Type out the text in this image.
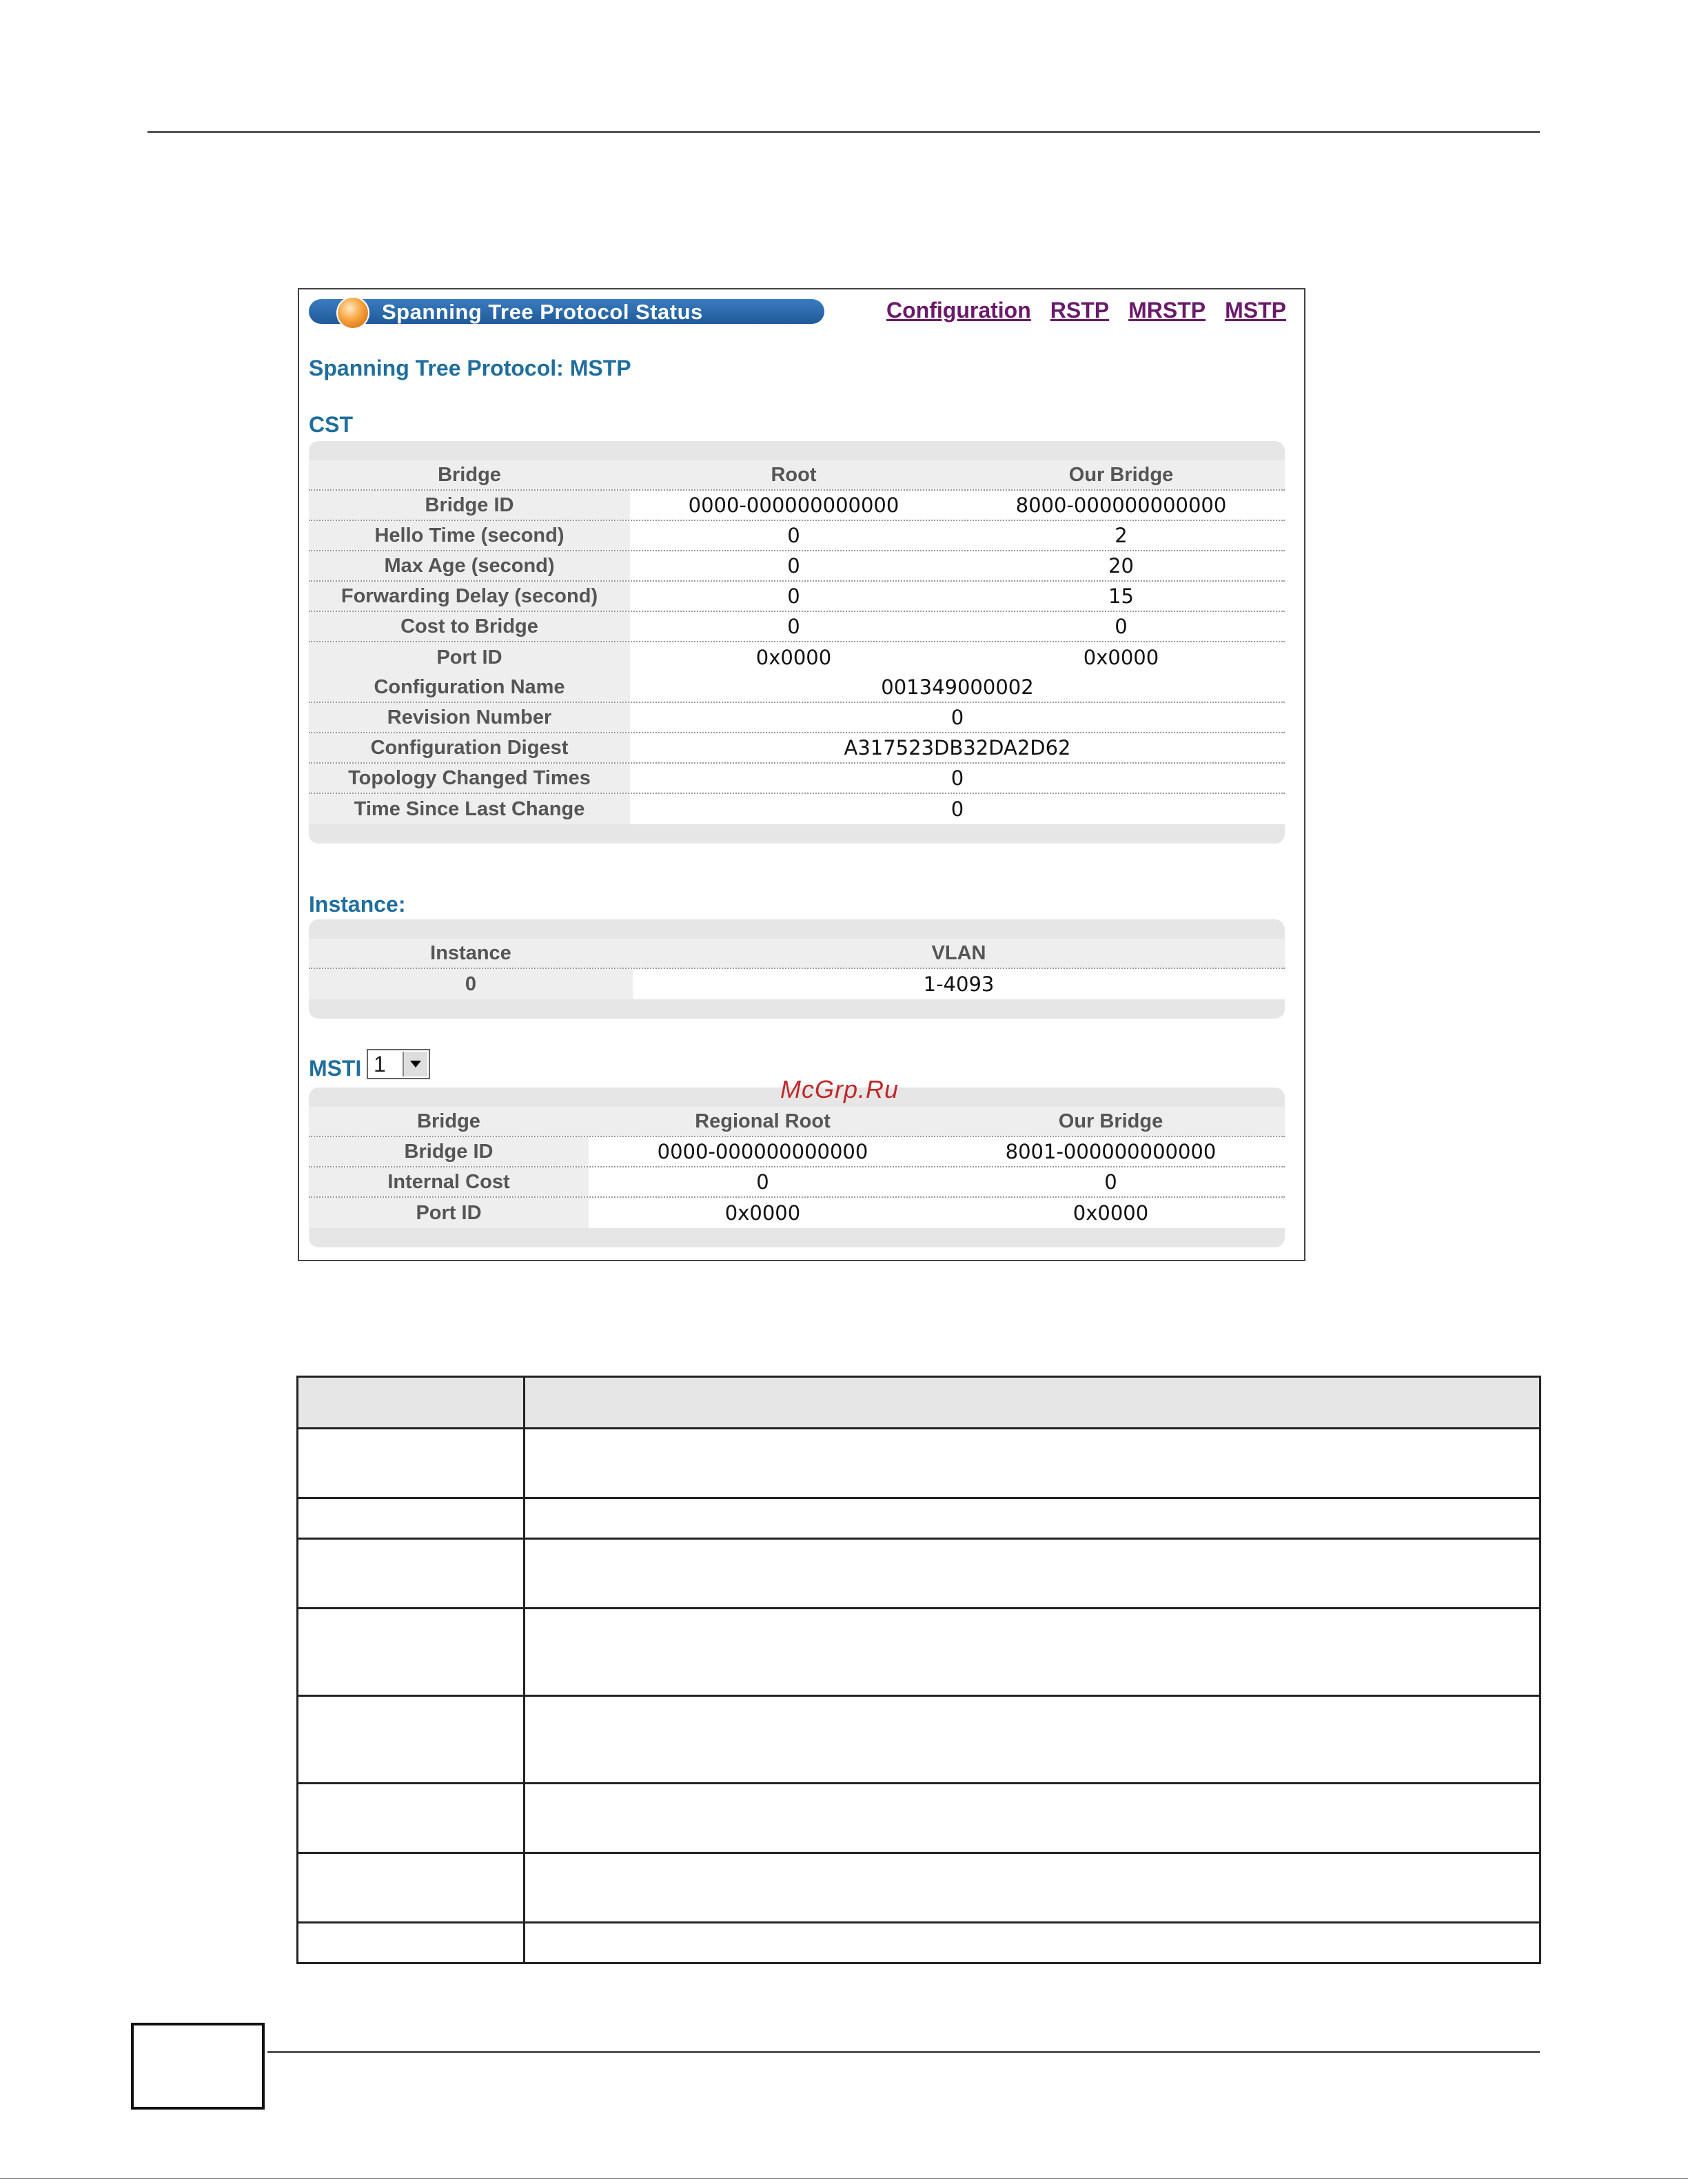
Spanning Tree Protocol Status	Configuration RSTP MRSTP MSTP
Spanning Tree Protocol: MSTP
CST
Bridge	Root	Our Bridge
Bridge ID	0000-000000000000	8000-000000000000
Hello Time (second)	0	2
Max Age (second)	0	20
Forwarding Delay (second)	0	15
Cost to Bridge	0	0
Port ID	0x0000	0x0000
Configuration Name	001349000002
Revision Number	0
Configuration Digest	A317523DB32DA2D62
Topology Changed Times	0
Time Since Last Change	0
Instance:
Instance	VLAN
0	1-4093
MSTI 1
Bridge	Regional Root	Our Bridge
Bridge ID	0000-000000000000	8001-000000000000
Internal Cost	0	0
Port ID	0x0000	0x0000
McGrp.Ru
